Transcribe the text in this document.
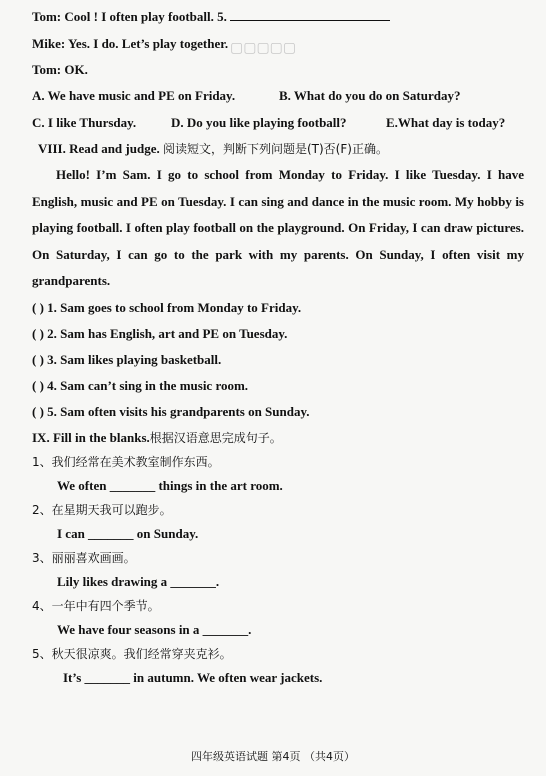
▢▢▢▢▢
Tom: Cool ! I often play football. 5.
Mike: Yes. I do. Let’s play together.
Tom: OK.
A. We have music and PE on Friday.	B. What do you do on Saturday?
C. I like Thursday.	D. Do you like playing football?	E.What day is today?
VIII. Read and judge. 阅读短文，判断下列问题是(T)否(F)正确。
Hello! I’m Sam. I go to school from Monday to Friday. I like Tuesday. I have English, music and PE on Tuesday. I can sing and dance in the music room. My hobby is playing football. I often play football on the playground. On Friday, I can draw pictures. On Saturday, I can go to the park with my parents. On Sunday, I often visit my grandparents.
( ) 1. Sam goes to school from Monday to Friday.
( ) 2. Sam has English, art and PE on Tuesday.
( ) 3. Sam likes playing basketball.
( ) 4. Sam can’t sing in the music room.
( ) 5. Sam often visits his grandparents on Sunday.
IX. Fill in the blanks.根据汉语意思完成句子。
1、我们经常在美术教室制作东西。
We often _______ things in the art room.
2、在星期天我可以跑步。
I can _______ on Sunday.
3、丽丽喜欢画画。
Lily likes drawing a _______.
4、一年中有四个季节。
We have four seasons in a _______.
5、秋天很凉爽。我们经常穿夹克衫。
It’s _______ in autumn. We often wear jackets.
四年级英语试题 第4页 （共4页）
